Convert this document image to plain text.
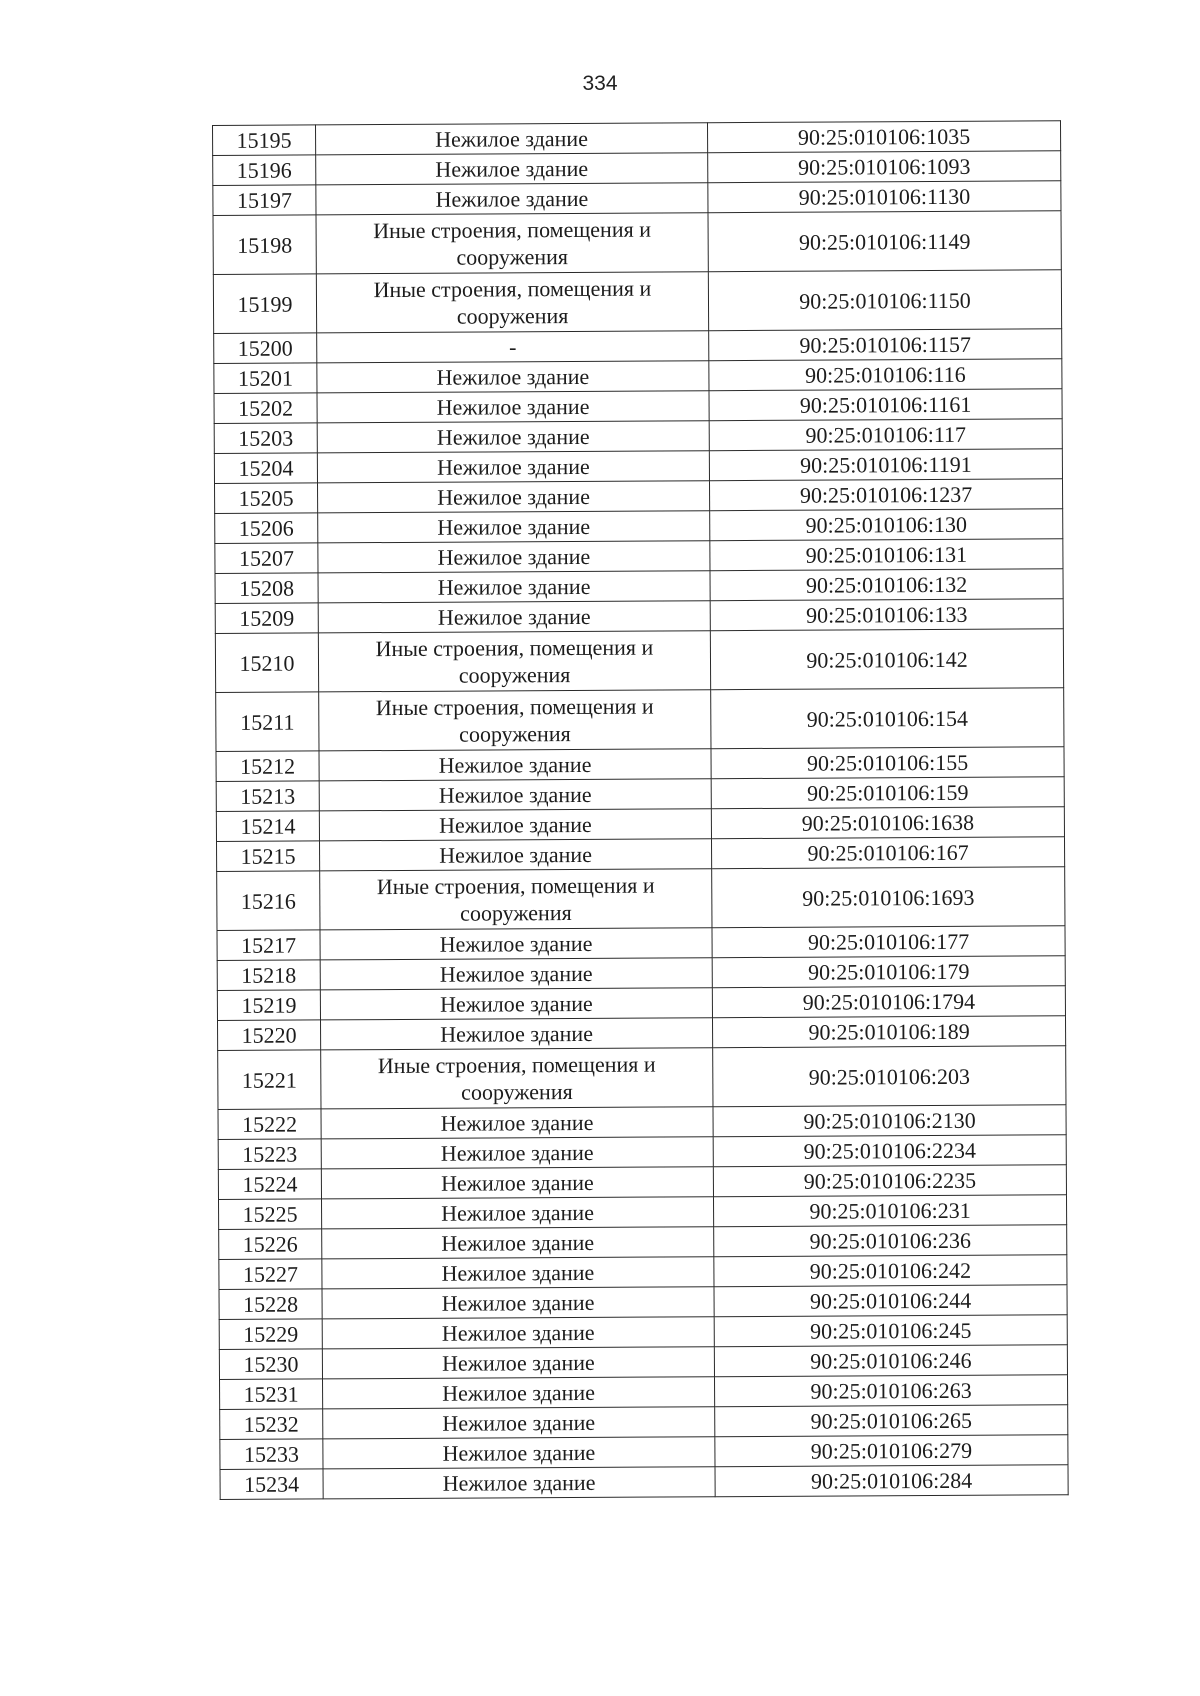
334
15195	Нежилое здание	90:25:010106:1035
15196	Нежилое здание	90:25:010106:1093
15197	Нежилое здание	90:25:010106:1130
15198	Иные строения, помещения и сооружения	90:25:010106:1149
15199	Иные строения, помещения и сооружения	90:25:010106:1150
15200	-	90:25:010106:1157
15201	Нежилое здание	90:25:010106:116
15202	Нежилое здание	90:25:010106:1161
15203	Нежилое здание	90:25:010106:117
15204	Нежилое здание	90:25:010106:1191
15205	Нежилое здание	90:25:010106:1237
15206	Нежилое здание	90:25:010106:130
15207	Нежилое здание	90:25:010106:131
15208	Нежилое здание	90:25:010106:132
15209	Нежилое здание	90:25:010106:133
15210	Иные строения, помещения и сооружения	90:25:010106:142
15211	Иные строения, помещения и сооружения	90:25:010106:154
15212	Нежилое здание	90:25:010106:155
15213	Нежилое здание	90:25:010106:159
15214	Нежилое здание	90:25:010106:1638
15215	Нежилое здание	90:25:010106:167
15216	Иные строения, помещения и сооружения	90:25:010106:1693
15217	Нежилое здание	90:25:010106:177
15218	Нежилое здание	90:25:010106:179
15219	Нежилое здание	90:25:010106:1794
15220	Нежилое здание	90:25:010106:189
15221	Иные строения, помещения и сооружения	90:25:010106:203
15222	Нежилое здание	90:25:010106:2130
15223	Нежилое здание	90:25:010106:2234
15224	Нежилое здание	90:25:010106:2235
15225	Нежилое здание	90:25:010106:231
15226	Нежилое здание	90:25:010106:236
15227	Нежилое здание	90:25:010106:242
15228	Нежилое здание	90:25:010106:244
15229	Нежилое здание	90:25:010106:245
15230	Нежилое здание	90:25:010106:246
15231	Нежилое здание	90:25:010106:263
15232	Нежилое здание	90:25:010106:265
15233	Нежилое здание	90:25:010106:279
15234	Нежилое здание	90:25:010106:284
